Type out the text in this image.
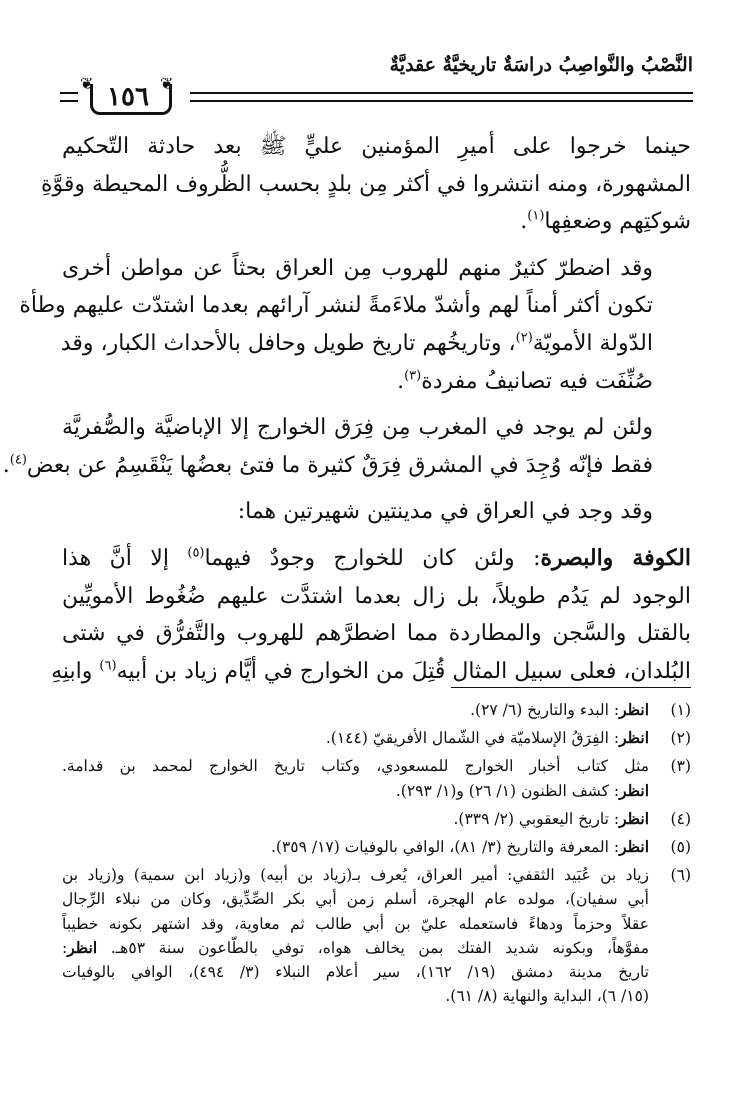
النَّصْبُ والنَّواصِبُ دراسَةٌ تاريخيَّةٌ عقديَّةٌ
❦	❦
١٥٦

حينما خرجوا على أميرِ المؤمنين عليٍّ ﷺ بعد حادثة التّحكيم
المشهورة، ومنه انتشروا في أكثر مِن بلدٍ بحسب الظُّروف المحيطة وقوَّةِ
شوكتِهم وضعفِها$^{(١)}$.

وقد اضطرّ كثيرٌ منهم للهروب مِن العراق بحثاً عن مواطن أخرى
تكون أكثر أمناً لهم وأشدّ ملاءَمةً لنشر آرائهم بعدما اشتدّت عليهم وطأة
الدّولة الأمويّة$^{(٢)}$، وتاريخُهم تاريخ طويل وحافل بالأحداث الكبار، وقد
صُنِّفَت فيه تصانيفُ مفردة$^{(٣)}$.

ولئن لم يوجد في المغرب مِن فِرَق الخوارج إلا الإباضيَّة والصُّفريَّة
فقط فإنّه وُجِدَ في المشرق فِرَقٌ كثيرة ما فتئ بعضُها يَنْقَسِمُ عن بعض$^{(٤)}$.

وقد وجد في العراق في مدينتين شهيرتين هما:

الكوفة والبصرة: ولئن كان للخوارج وجودٌ فيهما$^{(٥)}$ إلا أنَّ هذا
الوجود لم يَدُم طويلاً، بل زال بعدما اشتدَّت عليهم ضُغُوط الأمويِّين
بالقتل والسَّجن والمطاردة مما اضطرَّهم للهروب والتَّفرُّق في شتى
البُلدان، فعلى سبيل المثال قُتِلَ من الخوارج في أيَّام زياد بن أبيه$^{(٦)}$ وابنِهِ

(١)
انظر: البدء والتاريخ (٦/ ٢٧).
(٢)
انظر: الفِرَقُ الإسلاميّة في الشّمال الأفريقيّ (١٤٤).
(٣)
مثل كتاب أخبار الخوارج للمسعودي، وكتاب تاريخ الخوارج لمحمد بن قدامة.
انظر: كشف الظنون (١/ ٢٦) و(١/ ٢٩٣).
(٤)
انظر: تاريخ اليعقوبي (٢/ ٣٣٩).
(٥)
انظر: المعرفة والتاريخ (٣/ ٨١)، الوافي بالوفيات (١٧/ ٣٥٩).
(٦)
زياد بن عُبَيد الثقفي: أمير العراق، يُعرف بـ(زياد بن أبيه) و(زياد ابن سمية) و(زياد بن
أبي سفيان)، مولده عام الهجرة، أسلم زمن أبي بكر الصِّدِّيق، وكان من نبلاء الرِّجال
عقلاً وحزماً ودهاءً فاستعمله عليّ بن أبي طالب ثم معاوية، وقد اشتهر بكونه خطيباً
مفوَّهاً، وبكونه شديد الفتك بمن يخالف هواه، توفي بالطّاعون سنة ٥٣هـ. انظر:
تاريخ مدينة دمشق (١٩/ ١٦٢)، سير أعلام النبلاء (٣/ ٤٩٤)، الوافي بالوفيات
(١٥/ ٦)، البداية والنهاية (٨/ ٦١).
